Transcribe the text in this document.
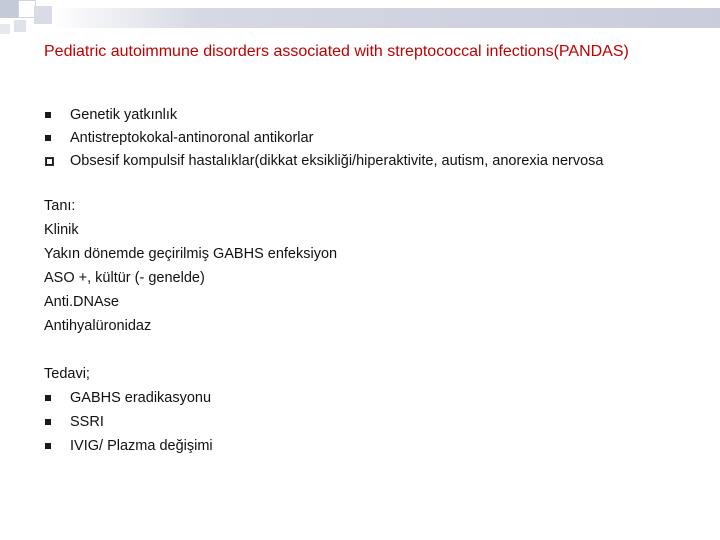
Pediatric autoimmune disorders associated with streptococcal infections(PANDAS)
Genetik yatkınlık
Antistreptokokal-antinoronal antikorlar
Obsesif kompulsif hastalıklar(dikkat eksikliği/hiperaktivite, autism, anorexia nervosa
Tanı:
Klinik
Yakın dönemde geçirilmiş GABHS enfeksiyon
ASO +, kültür (- genelde)
Anti.DNAse
Antihyalüronidaz
Tedavi;
GABHS eradikasyonu
SSRI
IVIG/ Plazma değişimi
